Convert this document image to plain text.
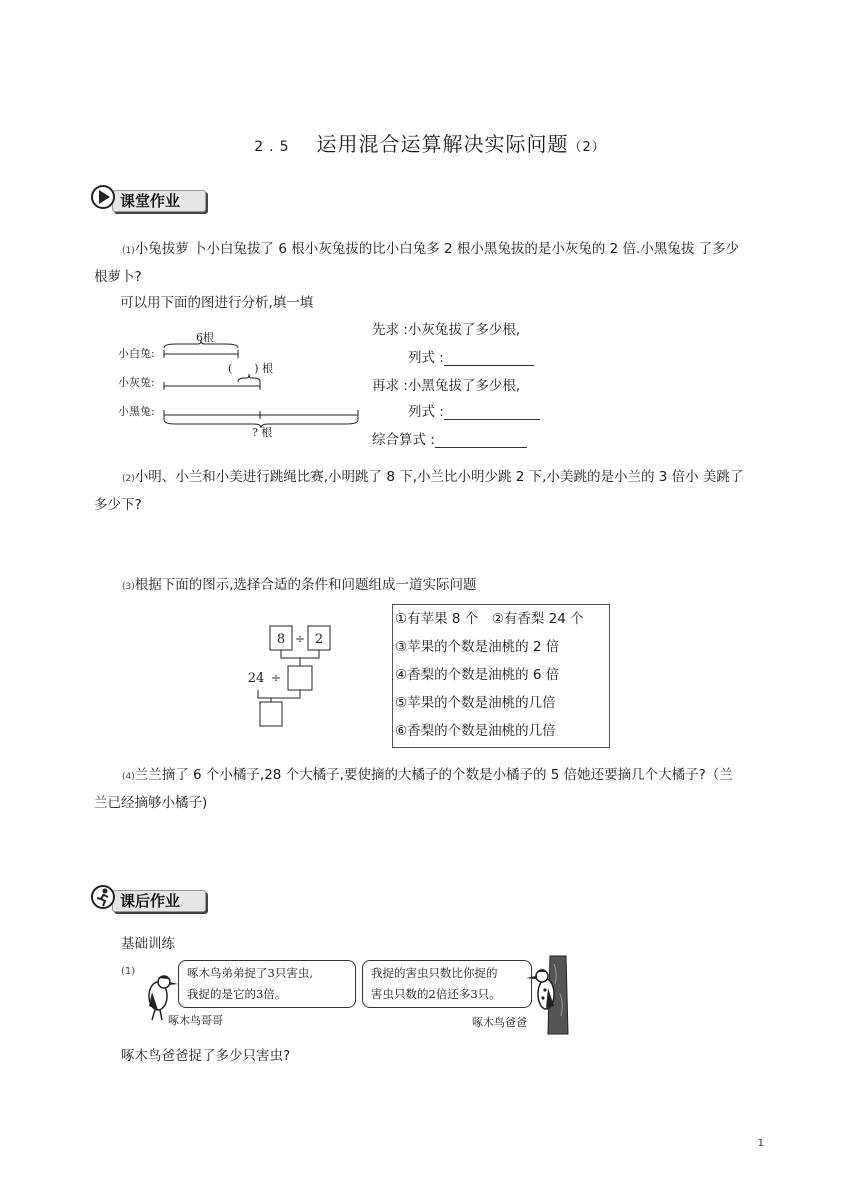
2.5 运用混合运算解决实际问题（2）
课堂作业

(1)小兔拔萝 卜小白兔拔了 6 根小灰兔拔的比小白兔多 2 根小黑兔拔的是小灰兔的 2 倍.小黑兔拔 了多少

根萝卜?

可以用下面的图进行分析,填一填

小白兔:
小灰兔:
小黑兔:
6根
(　　) 根
? 根
先求 :小灰兔拔了多少根,
列式 :
再求 :小黑兔拔了多少根,
列式 :
综合算式 :

(2)小明、小兰和小美进行跳绳比赛,小明跳了 8 下,小兰比小明少跳 2 下,小美跳的是小兰的 3 倍小 美跳了

多少下?

(3)根据下面的图示,选择合适的条件和问题组成一道实际问题

8 ÷ 2
24 ÷
①有苹果 8 个　②有香梨 24 个
③苹果的个数是油桃的 2 倍
④香梨的个数是油桃的 6 倍
⑤苹果的个数是油桃的几倍
⑥香梨的个数是油桃的几倍

(4)兰兰摘了 6 个小橘子,28 个大橘子,要使摘的大橘子的个数是小橘子的 5 倍她还要摘几个大橘子?（兰

兰已经摘够小橘子)

课后作业
基础训练
(1)	啄木鸟弟弟捉了3只害虫,
我捉的是它的3倍。
啄木鸟哥哥
我捉的害虫只数比你捉的
害虫只数的2倍还多3只。
啄木鸟爸爸
啄木鸟爸爸捉了多少只害虫?
1
